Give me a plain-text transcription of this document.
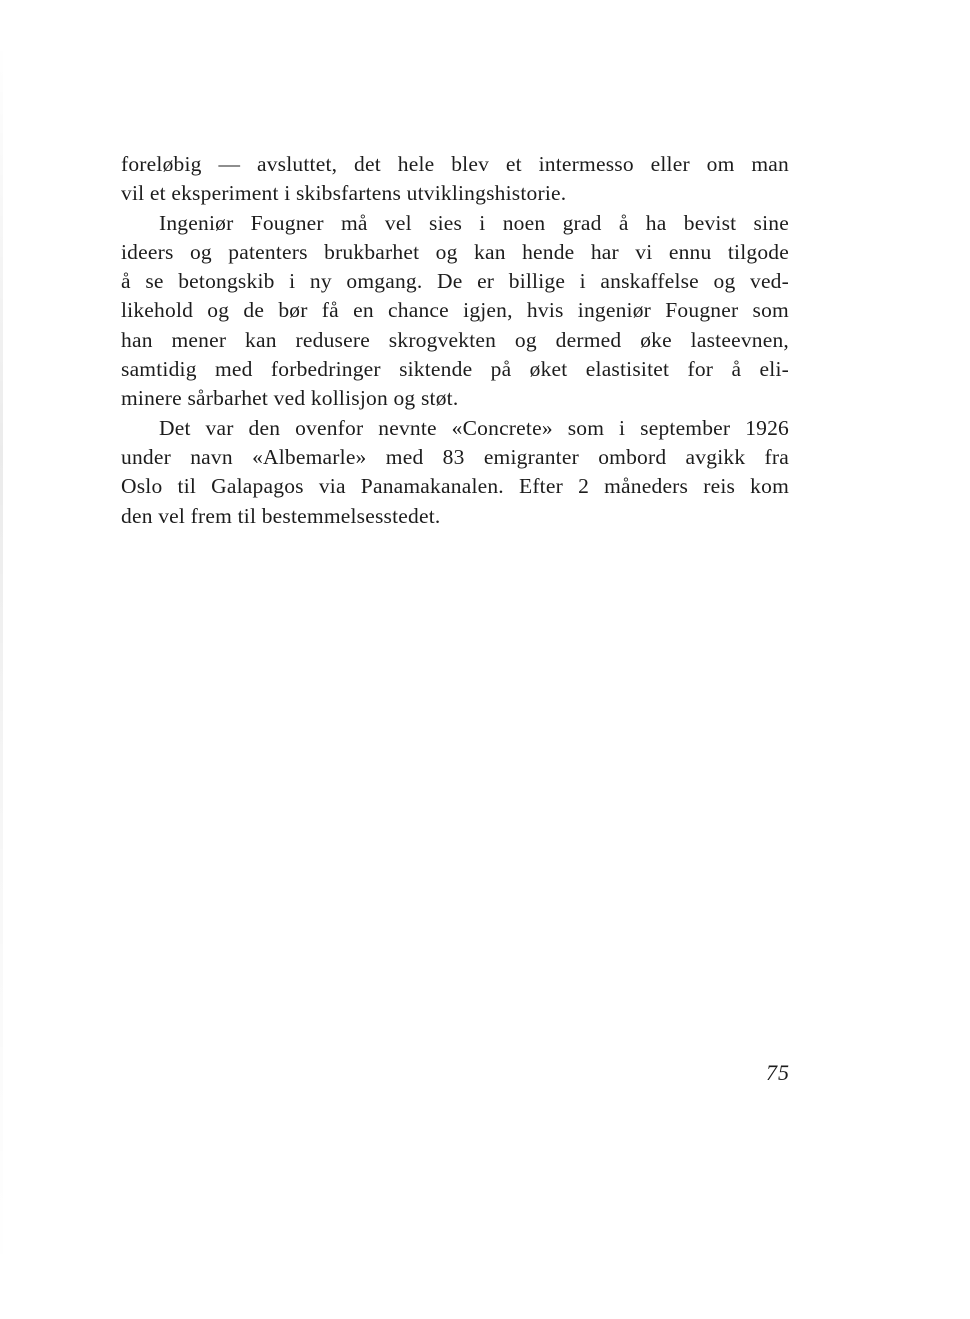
foreløbig — avsluttet, det hele blev et intermesso eller om man
vil et eksperiment i skibsfartens utviklingshistorie.
Ingeniør Fougner må vel sies i noen grad å ha bevist sine
ideers og patenters brukbarhet og kan hende har vi ennu tilgode
å se betongskib i ny omgang. De er billige i anskaffelse og ved-
likehold og de bør få en chance igjen, hvis ingeniør Fougner som
han mener kan redusere skrogvekten og dermed øke lasteevnen,
samtidig med forbedringer siktende på øket elastisitet for å eli-
minere sårbarhet ved kollisjon og støt.
Det var den ovenfor nevnte «Concrete» som i september 1926
under navn «Albemarle» med 83 emigranter ombord avgikk fra
Oslo til Galapagos via Panamakanalen. Efter 2 måneders reis kom
den vel frem til bestemmelsesstedet.
75
